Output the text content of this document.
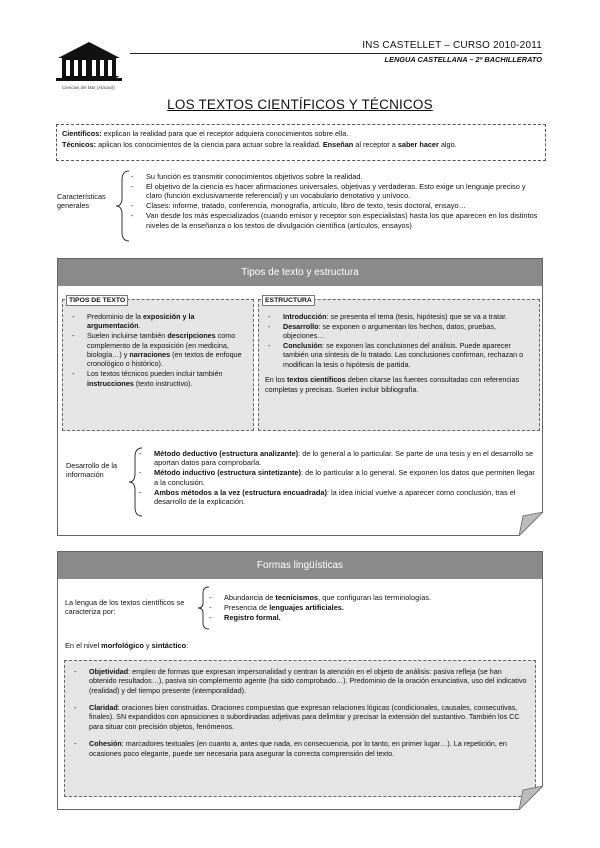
IES CASTELLET
Ciencias del Mar (Alacant)
INS CASTELLET – CURSO 2010-2011
LENGUA CASTELLANA – 2º BACHILLERATO
LOS TEXTOS CIENTÍFICOS Y TÉCNICOS
Científicos: explican la realidad para que el receptor adquiera conocimientos sobre ella.
Técnicos: aplican los conocimientos de la ciencia para actuar sobre la realidad. Enseñan al receptor a saber hacer algo.
Características generales
- Su función es transmitir conocimientos objetivos sobre la realidad.
- El objetivo de la ciencia es hacer afirmaciones universales, objetivas y verdaderas. Esto exige un lenguaje preciso y claro (función exclusivamente referencial) y un vocabulario denotativo y unívoco.
- Clases: informe, tratado, conferencia, monografía, artículo, libro de texto, tesis doctoral, ensayo…
- Van desde los más especializados (cuando emisor y receptor son especialistas) hasta los que aparecen en los distintos niveles de la enseñanza o los textos de divulgación científica (artículos, ensayos)
Tipos de texto y estructura
TIPOS DE TEXTO
- Predominio de la exposición y la argumentación.
- Suelen incluirse también descripciones como complemento de la exposición (en medicina, biología…) y narraciones (en textos de enfoque cronológico o histórico).
- Los textos técnicos pueden incluir también instrucciones (texto instructivo).
ESTRUCTURA
- Introducción: se presenta el tema (tesis, hipótesis) que se va a tratar.
- Desarrollo: se exponen o argumentan los hechos, datos, pruebas, objeciones…
- Conclusión: se exponen las conclusiones del análisis. Puede aparecer también una síntesis de lo tratado. Las conclusiones confirman, rechazan o modifican la tesis o hipótesis de partida.
En los textos científicos deben citarse las fuentes consultadas con referencias completas y precisas. Suelen incluir bibliografía.
Desarrollo de la información
- Método deductivo (estructura analizante): de lo general a lo particular. Se parte de una tesis y en el desarrollo se aportan datos para comprobarla.
- Método inductivo (estructura sintetizante): de lo particular a lo general. Se exponen los datos que permiten llegar a la conclusión.
- Ambos métodos a la vez (estructura encuadrada): la idea inicial vuelve a aparecer como conclusión, tras el desarrollo de la explicación.
Formas lingüísticas
La lengua de los textos científicos se caracteriza por:
- Abundancia de tecnicismos, que configuran las terminologías.
- Presencia de lenguajes artificiales.
- Registro formal.
En el nivel morfológico y sintáctico:
- Objetividad: empleo de formas que expresan impersonalidad y centran la atención en el objeto de análisis: pasiva refleja (se han obtenido resultados…), pasiva sin complemento agente (ha sido comprobado…). Predominio de la oración enunciativa, uso del indicativo (realidad) y del tiempo presente (intemporalidad).
- Claridad: oraciones bien construidas. Oraciones compuestas que expresan relaciones lógicas (condicionales, causales, consecutivas, finales). SN expandidos con aposiciones o subordinadas adjetivas para delimitar y precisar la extensión del sustantivo. También los CC para situar con precisión objetos, fenómenos.
- Cohesión: marcadores textuales (en cuanto a, antes que nada, en consecuencia, por lo tanto, en primer lugar…). La repetición, en ocasiones poco elegante, puede ser necesaria para asegurar la correcta comprensión del texto.
